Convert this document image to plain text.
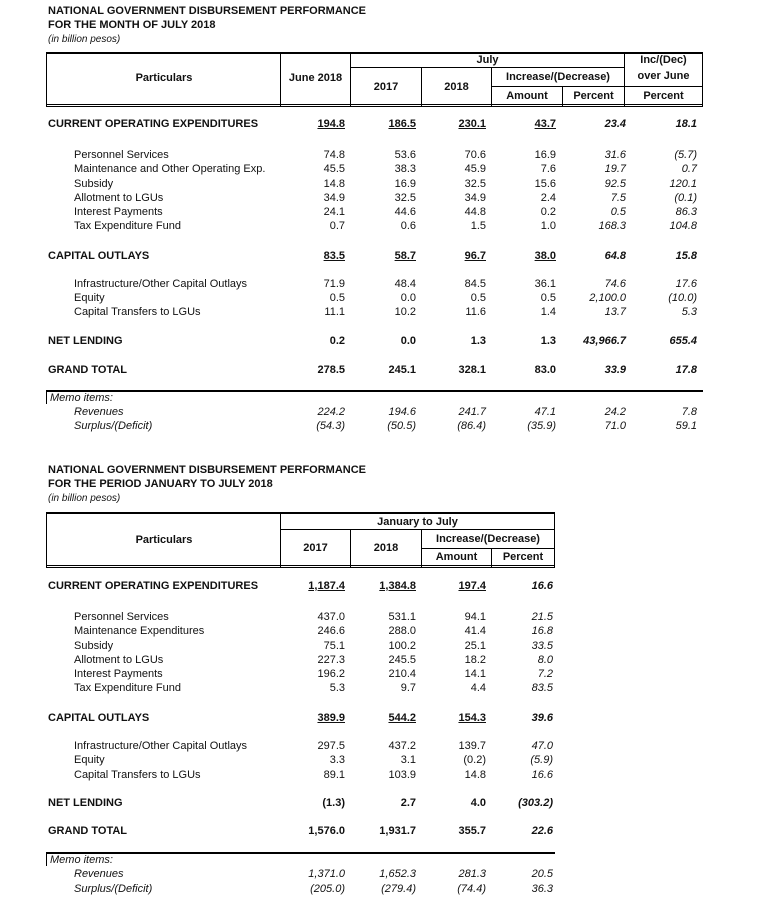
NATIONAL GOVERNMENT DISBURSEMENT PERFORMANCE
FOR THE MONTH OF JULY 2018
(in billion pesos)
Particulars	June 2018
July
2017	2018
Increase/(Decrease)
Amount	Percent
Inc/(Dec)
over June
Percent
CURRENT OPERATING EXPENDITURES	194.8	186.5	230.1	43.7	23.4	18.1
Personnel Services	74.8	53.6	70.6	16.9	31.6	(5.7)
Maintenance and Other Operating Exp.	45.5	38.3	45.9	7.6	19.7	0.7
Subsidy	14.8	16.9	32.5	15.6	92.5	120.1
Allotment to LGUs	34.9	32.5	34.9	2.4	7.5	(0.1)
Interest Payments	24.1	44.6	44.8	0.2	0.5	86.3
Tax Expenditure Fund	0.7	0.6	1.5	1.0	168.3	104.8
CAPITAL OUTLAYS	83.5	58.7	96.7	38.0	64.8	15.8
Infrastructure/Other Capital Outlays	71.9	48.4	84.5	36.1	74.6	17.6
Equity	0.5	0.0	0.5	0.5	2,100.0	(10.0)
Capital Transfers to LGUs	11.1	10.2	11.6	1.4	13.7	5.3
NET LENDING	0.2	0.0	1.3	1.3	43,966.7	655.4
GRAND TOTAL	278.5	245.1	328.1	83.0	33.9	17.8
Memo items:
Revenues	224.2	194.6	241.7	47.1	24.2	7.8
Surplus/(Deficit)	(54.3)	(50.5)	(86.4)	(35.9)	71.0	59.1
NATIONAL GOVERNMENT DISBURSEMENT PERFORMANCE
FOR THE PERIOD JANUARY TO JULY 2018
(in billion pesos)
Particulars
January to July
2017	2018
Increase/(Decrease)
Amount	Percent
CURRENT OPERATING EXPENDITURES	1,187.4	1,384.8	197.4	16.6
Personnel Services	437.0	531.1	94.1	21.5
Maintenance Expenditures	246.6	288.0	41.4	16.8
Subsidy	75.1	100.2	25.1	33.5
Allotment to LGUs	227.3	245.5	18.2	8.0
Interest Payments	196.2	210.4	14.1	7.2
Tax Expenditure Fund	5.3	9.7	4.4	83.5
CAPITAL OUTLAYS	389.9	544.2	154.3	39.6
Infrastructure/Other Capital Outlays	297.5	437.2	139.7	47.0
Equity	3.3	3.1	(0.2)	(5.9)
Capital Transfers to LGUs	89.1	103.9	14.8	16.6
NET LENDING	(1.3)	2.7	4.0	(303.2)
GRAND TOTAL	1,576.0	1,931.7	355.7	22.6
Memo items:
Revenues	1,371.0	1,652.3	281.3	20.5
Surplus/(Deficit)	(205.0)	(279.4)	(74.4)	36.3
